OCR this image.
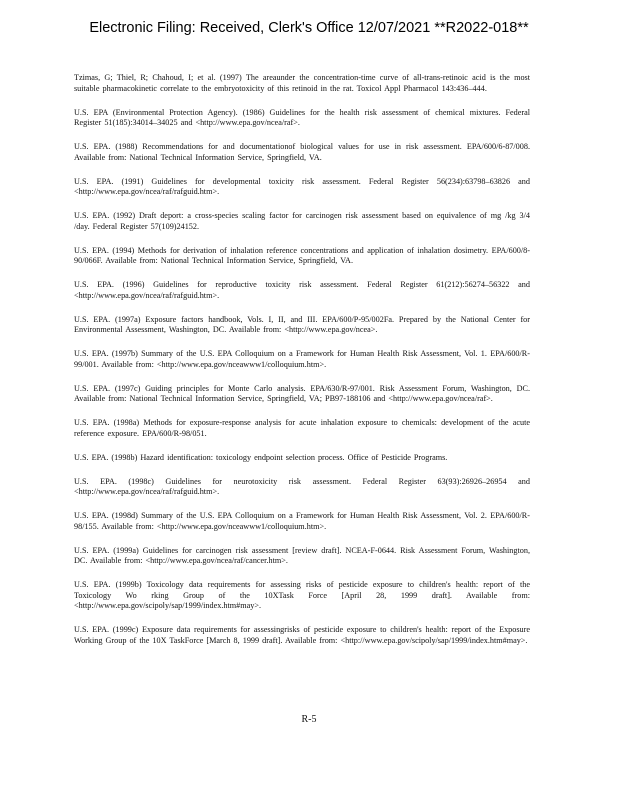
Electronic Filing: Received, Clerk's Office 12/07/2021 **R2022-018**

Tzimas, G; Thiel, R; Chahoud, I; et al. (1997) The areaunder the concentration-time curve of all-trans-retinoic acid is the most suitable pharmacokinetic correlate to the embryotoxicity of this retinoid in the rat. Toxicol Appl Pharmacol 143:436–444.

U.S. EPA (Environmental Protection Agency). (1986) Guidelines for the health risk assessment of chemical mixtures. Federal Register 51(185):34014–34025 and <http://www.epa.gov/ncea/raf>.

U.S. EPA. (1988) Recommendations for and documentationof biological values for use in risk assessment. EPA/600/6-87/008. Available from: National Technical Information Service, Springfield, VA.

U.S. EPA. (1991) Guidelines for developmental toxicity risk assessment. Federal Register 56(234):63798–63826 and <http://www.epa.gov/ncea/raf/rafguid.htm>.

U.S. EPA. (1992) Draft deport: a cross-species scaling factor for carcinogen risk assessment based on equivalence of mg /kg 3/4 /day. Federal Register 57(109)24152.

U.S. EPA. (1994) Methods for derivation of inhalation reference concentrations and application of inhalation dosimetry. EPA/600/8-90/066F. Available from: National Technical Information Service, Springfield, VA.

U.S. EPA. (1996) Guidelines for reproductive toxicity risk assessment. Federal Register 61(212):56274–56322 and <http://www.epa.gov/ncea/raf/rafguid.htm>.

U.S. EPA. (1997a) Exposure factors handbook, Vols. I, II, and III. EPA/600/P-95/002Fa. Prepared by the National Center for Environmental Assessment, Washington, DC. Available from: <http://www.epa.gov/ncea>.

U.S. EPA. (1997b) Summary of the U.S. EPA Colloquium on a Framework for Human Health Risk Assessment, Vol. 1. EPA/600/R-99/001. Available from: <http://www.epa.gov/nceawww1/colloquium.htm>.

U.S. EPA. (1997c) Guiding principles for Monte Carlo analysis. EPA/630/R-97/001. Risk Assessment Forum, Washington, DC. Available from: National Technical Information Service, Springfield, VA; PB97-188106 and <http://www.epa.gov/ncea/raf>.

U.S. EPA. (1998a) Methods for exposure-response analysis for acute inhalation exposure to chemicals: development of the acute reference exposure. EPA/600/R-98/051.

U.S. EPA. (1998b) Hazard identification: toxicology endpoint selection process. Office of Pesticide Programs.

U.S. EPA. (1998c) Guidelines for neurotoxicity risk assessment. Federal Register 63(93):26926–26954 and <http://www.epa.gov/ncea/raf/rafguid.htm>.

U.S. EPA. (1998d) Summary of the U.S. EPA Colloquium on a Framework for Human Health Risk Assessment, Vol. 2. EPA/600/R-98/155. Available from: <http://www.epa.gov/nceawww1/colloquium.htm>.

U.S. EPA. (1999a) Guidelines for carcinogen risk assessment [review draft]. NCEA-F-0644. Risk Assessment Forum, Washington, DC. Available from: <http://www.epa.gov/ncea/raf/cancer.htm>.

U.S. EPA. (1999b) Toxicology data requirements for assessing risks of pesticide exposure to children's health: report of the Toxicology Wo rking Group of the 10XTask Force [April 28, 1999 draft]. Available from: <http://www.epa.gov/scipoly/sap/1999/index.htm#may>.

U.S. EPA. (1999c) Exposure data requirements for assessingrisks of pesticide exposure to children's health: report of the Exposure Working Group of the 10X TaskForce [March 8, 1999 draft]. Available from: <http://www.epa.gov/scipoly/sap/1999/index.htm#may>.

R-5
